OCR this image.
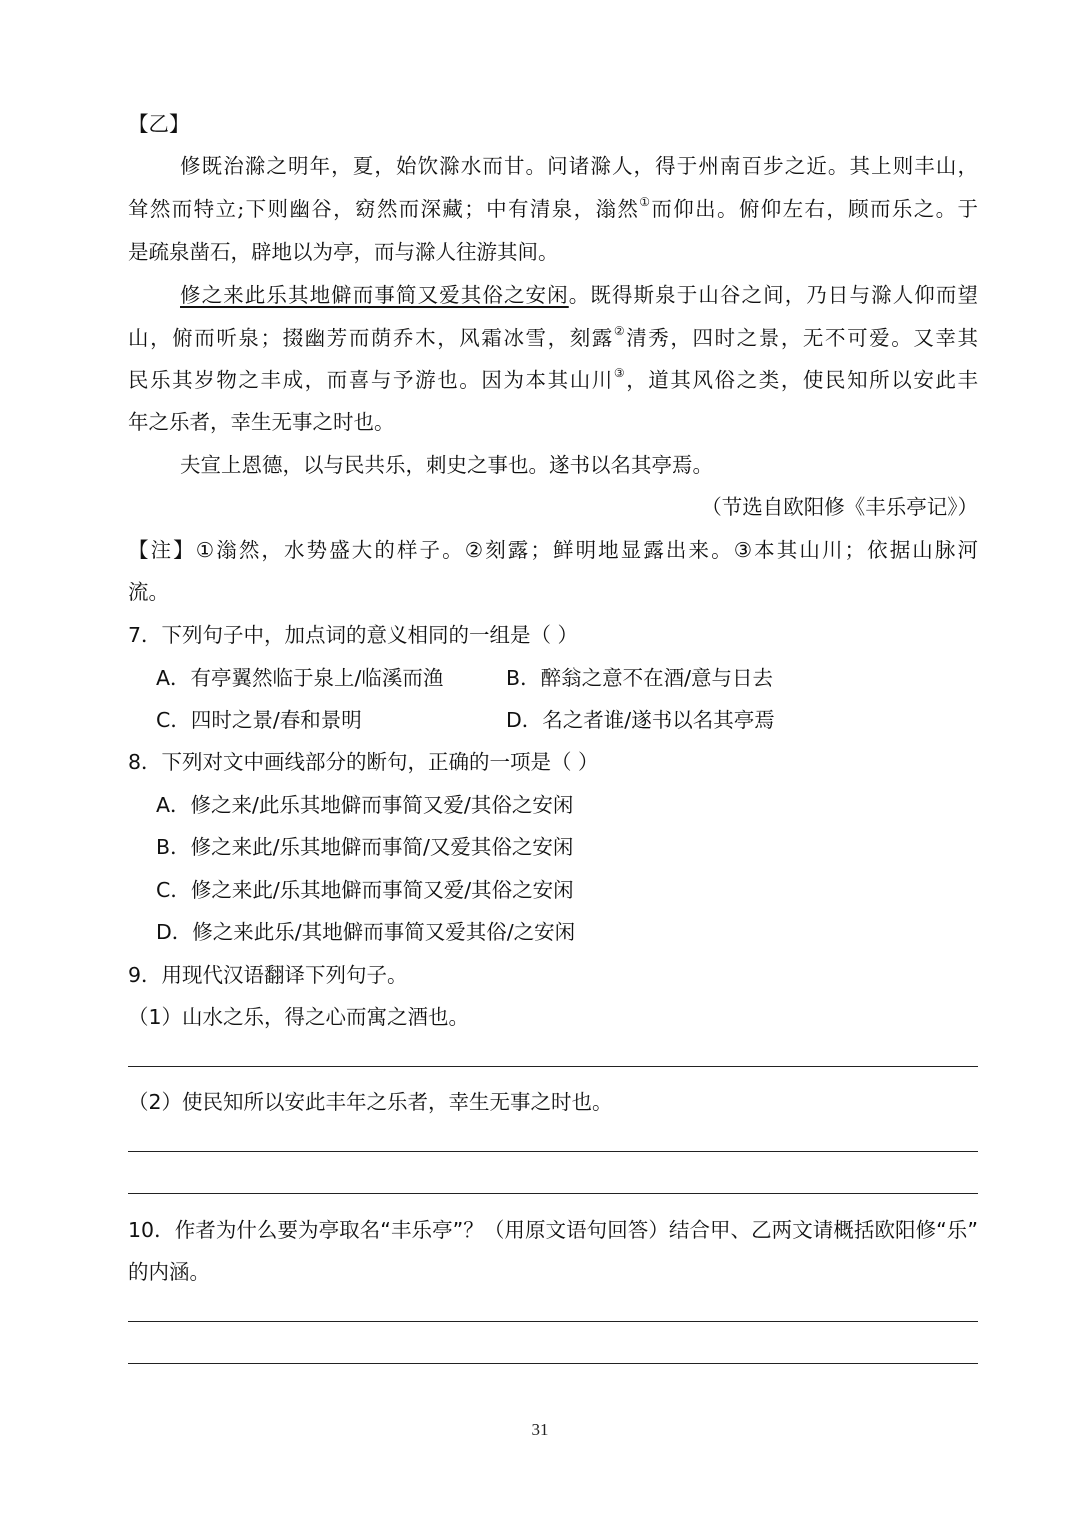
【乙】
修既治滁之明年，夏，始饮滁水而甘。问诸滁人，得于州南百步之近。其上则丰山，
耸然而特立;下则幽谷，窈然而深藏；中有清泉，滃然①而仰出。俯仰左右，顾而乐之。于
是疏泉凿石，辟地以为亭，而与滁人往游其间。
修之来此乐其地僻而事简又爱其俗之安闲。既得斯泉于山谷之间，乃日与滁人仰而望
山，俯而听泉；掇幽芳而荫乔木，风霜冰雪，刻露②清秀，四时之景，无不可爱。又幸其
民乐其岁物之丰成，而喜与予游也。因为本其山川③，道其风俗之类，使民知所以安此丰
年之乐者，幸生无事之时也。
夫宣上恩德，以与民共乐，刺史之事也。遂书以名其亭焉。
（节选自欧阳修《丰乐亭记》）
【注】①滃然，水势盛大的样子。②刻露；鲜明地显露出来。③本其山川；依据山脉河
流。
7．下列句子中，加点词的意义相同的一组是（ ）
A．有亭翼然临于泉上/临溪而渔	B．醉翁之意不在酒/意与日去
C．四时之景/春和景明	D．名之者谁/遂书以名其亭焉
8．下列对文中画线部分的断句，正确的一项是（ ）
A．修之来/此乐其地僻而事简又爱/其俗之安闲
B．修之来此/乐其地僻而事简/又爱其俗之安闲
C．修之来此/乐其地僻而事简又爱/其俗之安闲
D．修之来此乐/其地僻而事简又爱其俗/之安闲
9．用现代汉语翻译下列句子。
（1）山水之乐，得之心而寓之酒也。
（2）使民知所以安此丰年之乐者，幸生无事之时也。
10．作者为什么要为亭取名“丰乐亭”？（用原文语句回答）结合甲、乙两文请概括欧阳修“乐”
的内涵。
31
